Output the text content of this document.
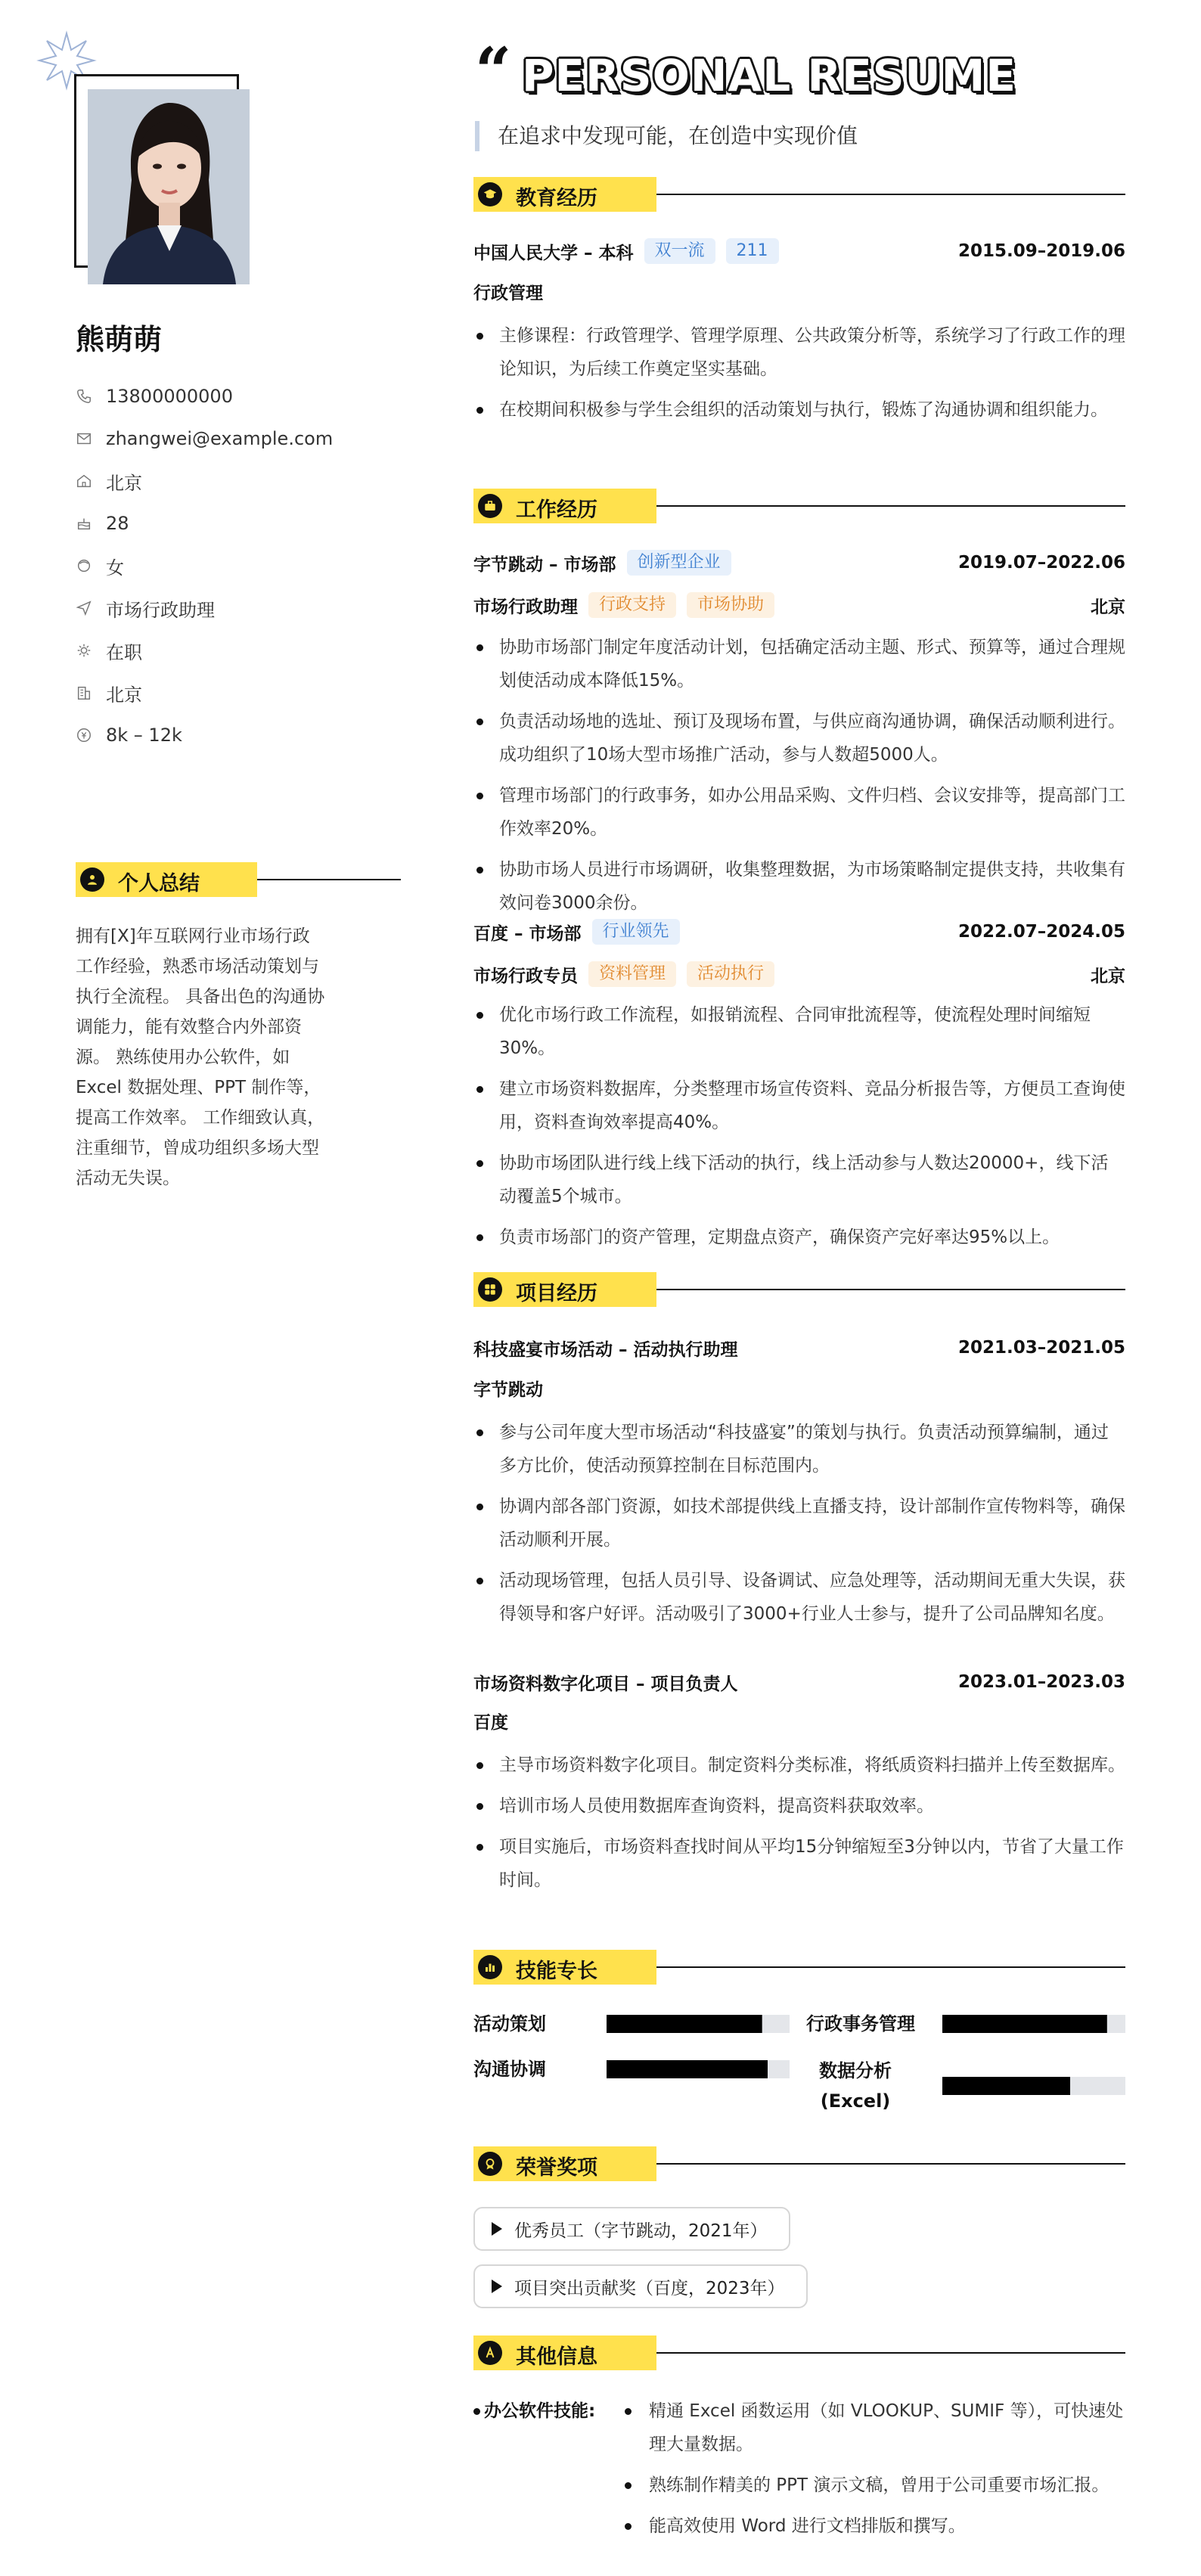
熊萌萌
13800000000
zhangwei@example.com
北京
28
女
市场行政助理
在职
北京
8k – 12k
个人总结
拥有[X]年互联网行业市场行政工作经验，熟悉市场活动策划与执行全流程。 具备出色的沟通协调能力，能有效整合内外部资源。 熟练使用办公软件，如 Excel 数据处理、PPT 制作等，提高工作效率。 工作细致认真，注重细节，曾成功组织多场大型活动无失误。
“ PERSONAL RESUME
在追求中发现可能，在创造中实现价值
教育经历
中国人民大学 – 本科	双一流	211	2015.09–2019.06
行政管理
主修课程：行政管理学、管理学原理、公共政策分析等，系统学习了行政工作的理论知识，为后续工作奠定坚实基础。
在校期间积极参与学生会组织的活动策划与执行，锻炼了沟通协调和组织能力。
工作经历
字节跳动 – 市场部	创新型企业	2019.07–2022.06
市场行政助理	行政支持	市场协助	北京
协助市场部门制定年度活动计划，包括确定活动主题、形式、预算等，通过合理规划使活动成本降低15%。
负责活动场地的选址、预订及现场布置，与供应商沟通协调，确保活动顺利进行。成功组织了10场大型市场推广活动，参与人数超5000人。
管理市场部门的行政事务，如办公用品采购、文件归档、会议安排等，提高部门工作效率20%。
协助市场人员进行市场调研，收集整理数据，为市场策略制定提供支持，共收集有效问卷3000余份。
百度 – 市场部	行业领先	2022.07–2024.05
市场行政专员	资料管理	活动执行	北京
优化市场行政工作流程，如报销流程、合同审批流程等，使流程处理时间缩短30%。
建立市场资料数据库，分类整理市场宣传资料、竞品分析报告等，方便员工查询使用，资料查询效率提高40%。
协助市场团队进行线上线下活动的执行，线上活动参与人数达20000+，线下活动覆盖5个城市。
负责市场部门的资产管理，定期盘点资产，确保资产完好率达95%以上。
项目经历
科技盛宴市场活动 – 活动执行助理	2021.03–2021.05
字节跳动
参与公司年度大型市场活动“科技盛宴”的策划与执行。负责活动预算编制，通过多方比价，使活动预算控制在目标范围内。
协调内部各部门资源，如技术部提供线上直播支持，设计部制作宣传物料等，确保活动顺利开展。
活动现场管理，包括人员引导、设备调试、应急处理等，活动期间无重大失误，获得领导和客户好评。活动吸引了3000+行业人士参与，提升了公司品牌知名度。
市场资料数字化项目 – 项目负责人	2023.01–2023.03
百度
主导市场资料数字化项目。制定资料分类标准，将纸质资料扫描并上传至数据库。
培训市场人员使用数据库查询资料，提高资料获取效率。
项目实施后，市场资料查找时间从平均15分钟缩短至3分钟以内，节省了大量工作时间。
技能专长
活动策划	行政事务管理
沟通协调	数据分析
(Excel)
荣誉奖项
优秀员工（字节跳动，2021年）
项目突出贡献奖（百度，2023年）
其他信息
办公软件技能:	精通 Excel 函数运用（如 VLOOKUP、SUMIF 等），可快速处理大量数据。
熟练制作精美的 PPT 演示文稿，曾用于公司重要市场汇报。
能高效使用 Word 进行文档排版和撰写。
